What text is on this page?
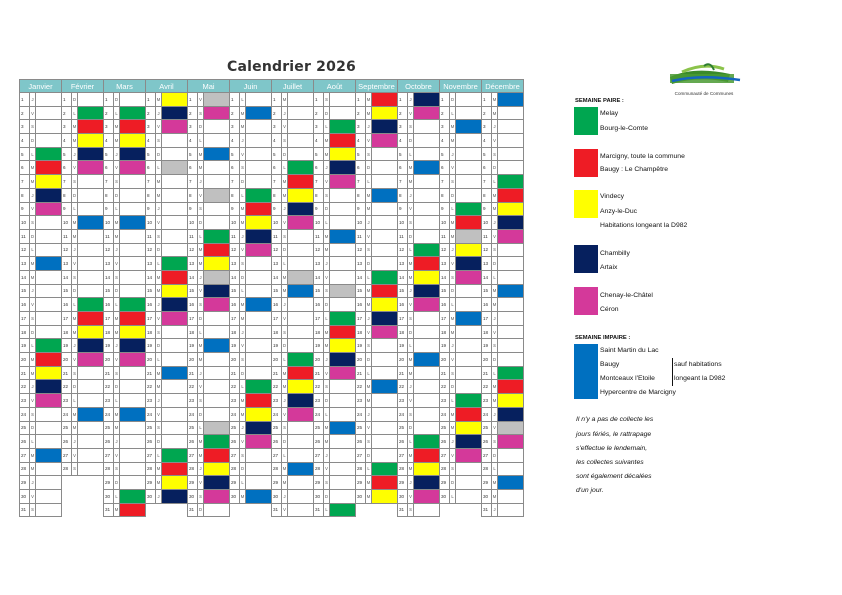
Calendrier 2026
Janvier			Février			Mars			Avril			Mai			Juin			Juillet			Août			Septembre			Octobre			Novembre			Décembre		
1	J		1	D		1	D		1	M		1	V		1	L		1	M		1	S		1	M		1	J		1	D		1	M	
2	V		2	L		2	L		2	J		2	S		2	M		2	J		2	D		2	M		2	V		2	L		2	M	
3	S		3	M		3	M		3	V		3	D		3	M		3	V		3	L		3	J		3	S		3	M		3	J	
4	D		4	M		4	M		4	S		4	L		4	J		4	S		4	M		4	V		4	D		4	M		4	V	
5	L		5	J		5	J		5	D		5	M		5	V		5	D		5	M		5	S		5	L		5	J		5	S	
6	M		6	V		6	V		6	L		6	M		6	S		6	L		6	J		6	D		6	M		6	V		6	D	
7	M		7	S		7	S		7	M		7	J		7	D		7	M		7	V		7	L		7	M		7	S		7	L	
8	J		8	D		8	D		8	M		8	V		8	L		8	M		8	S		8	M		8	J		8	D		8	M	
9	V		9	L		9	L		9	J		9	S		9	M		9	J		9	D		9	M		9	V		9	L		9	M	
10	S		10	M		10	M		10	V		10	D		10	M		10	V		10	L		10	J		10	S		10	M		10	J	
11	D		11	M		11	M		11	S		11	L		11	J		11	S		11	M		11	V		11	D		11	M		11	V	
12	L		12	J		12	J		12	D		12	M		12	V		12	D		12	M		12	S		12	L		12	J		12	S	
13	M		13	V		13	V		13	L		13	M		13	S		13	L		13	J		13	D		13	M		13	V		13	D	
14	M		14	S		14	S		14	M		14	J		14	D		14	M		14	V		14	L		14	M		14	S		14	L	
15	J		15	D		15	D		15	M		15	V		15	L		15	M		15	S		15	M		15	J		15	D		15	M	
16	V		16	L		16	L		16	J		16	S		16	M		16	J		16	D		16	M		16	V		16	L		16	M	
17	S		17	M		17	M		17	V		17	D		17	M		17	V		17	L		17	J		17	S		17	M		17	J	
18	D		18	M		18	M		18	S		18	L		18	J		18	S		18	M		18	V		18	D		18	M		18	V	
19	L		19	J		19	J		19	D		19	M		19	V		19	D		19	M		19	S		19	L		19	J		19	S	
20	M		20	V		20	V		20	L		20	M		20	S		20	L		20	J		20	D		20	M		20	V		20	D	
21	M		21	S		21	S		21	M		21	J		21	D		21	M		21	V		21	L		21	M		21	S		21	L	
22	J		22	D		22	D		22	M		22	V		22	L		22	M		22	S		22	M		22	J		22	D		22	M	
23	V		23	L		23	L		23	J		23	S		23	M		23	J		23	D		23	M		23	V		23	L		23	M	
24	S		24	M		24	M		24	V		24	D		24	M		24	V		24	L		24	J		24	S		24	M		24	J	
25	D		25	M		25	M		25	S		25	L		25	J		25	S		25	M		25	V		25	D		25	M		25	V	
26	L		26	J		26	J		26	D		26	M		26	V		26	D		26	M		26	S		26	L		26	J		26	S	
27	M		27	V		27	V		27	L		27	M		27	S		27	L		27	J		27	D		27	M		27	V		27	D	
28	M		28	S		28	S		28	M		28	J		28	D		28	M		28	V		28	L		28	M		28	S		28	L	
29	J					29	D		29	M		29	V		29	L		29	M		29	S		29	M		29	J		29	D		29	M	
30	V					30	L		30	J		30	S		30	M		30	J		30	D		30	M		30	V		30	L		30	M	
31	S					31	M					31	D					31	V		31	L					31	S					31	J	
Communauté de Communes
SEMAINE PAIRE :
Melay
Bourg-le-Comte
Marcigny, toute la commune
Baugy : Le Champêtre
Vindecy
Anzy-le-Duc
Habitations longeant la D982
Chambilly
Artaix
Chenay-le-Châtel
Céron
SEMAINE IMPAIRE :
Saint Martin du Lac
Baugy
Montceaux l'Etoile
Hypercentre de Marcigny
sauf habitations
longeant la D982
Il n'y a pas de collecte les
jours fériés, le rattrapage
s'effectue le lendemain,
les collectes suivantes
sont également décalées
d'un jour.
